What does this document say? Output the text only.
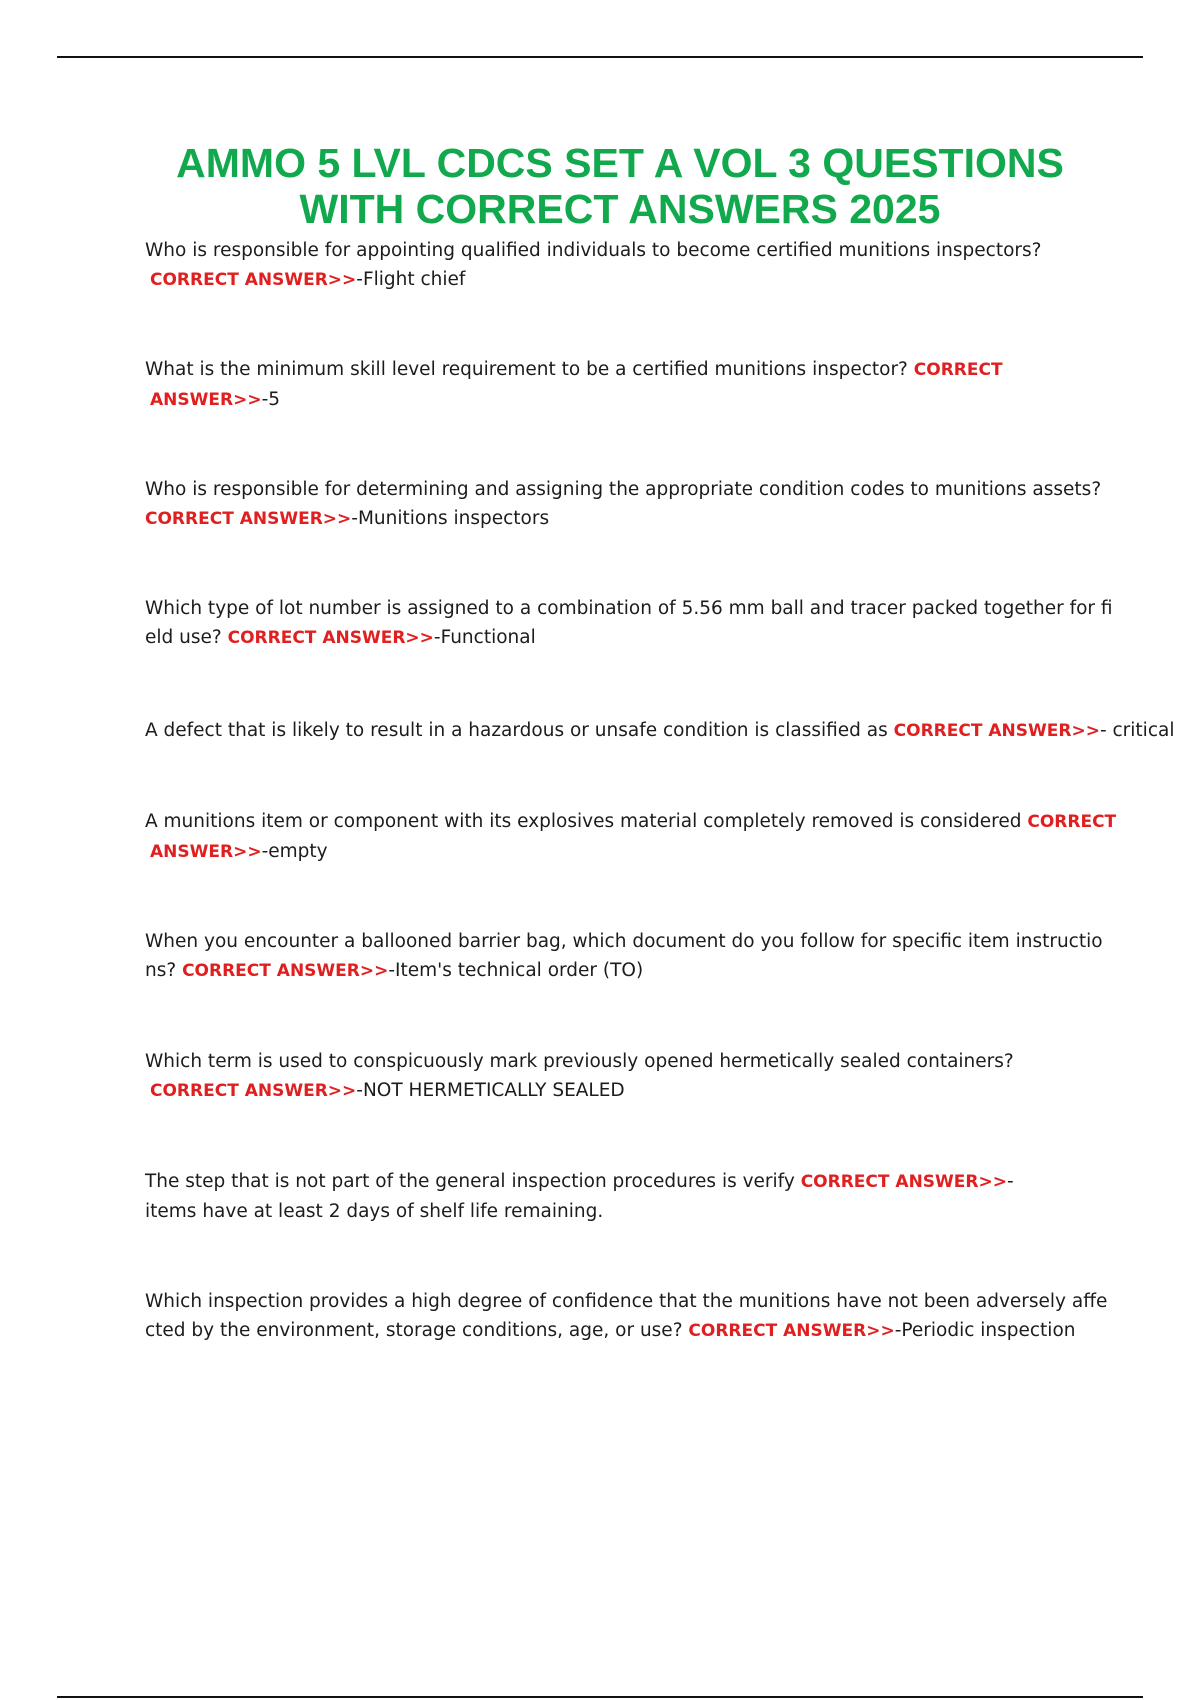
AMMO 5 LVL CDCS SET A VOL 3 QUESTIONS
WITH CORRECT ANSWERS 2025
Who is responsible for appointing qualified individuals to become certified munitions inspectors?
CORRECT ANSWER>>-Flight chief
What is the minimum skill level requirement to be a certified munitions inspector? CORRECT
ANSWER>>-5
Who is responsible for determining and assigning the appropriate condition codes to munitions assets?
CORRECT ANSWER>>-Munitions inspectors
Which type of lot number is assigned to a combination of 5.56 mm ball and tracer packed together for fi
eld use? CORRECT ANSWER>>-Functional
A defect that is likely to result in a hazardous or unsafe condition is classified as CORRECT ANSWER>>- critical
A munitions item or component with its explosives material completely removed is considered CORRECT
ANSWER>>-empty
When you encounter a ballooned barrier bag, which document do you follow for specific item instructio
ns? CORRECT ANSWER>>-Item's technical order (TO)
Which term is used to conspicuously mark previously opened hermetically sealed containers?
CORRECT ANSWER>>-NOT HERMETICALLY SEALED
The step that is not part of the general inspection procedures is verify CORRECT ANSWER>>-
items have at least 2 days of shelf life remaining.
Which inspection provides a high degree of confidence that the munitions have not been adversely affe
cted by the environment, storage conditions, age, or use? CORRECT ANSWER>>-Periodic inspection
